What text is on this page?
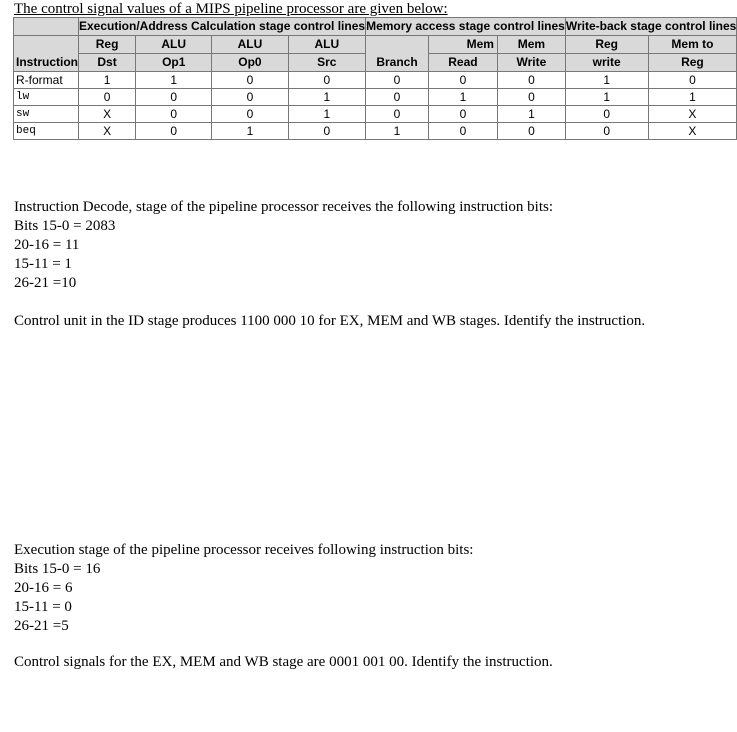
The control signal values of a MIPS pipeline processor are given below:
	Execution/Address Calculation stage control lines				Memory access stage control lines			Write-back stage control lines	

Instruction	Reg	ALU	ALU	ALU	Branch	Mem	Mem	Reg	Mem to
	Dst	Op1	Op0	Src		Read	Write	write	Reg
R-format	1	1	0	0	0	0	0	1	0
lw	0	0	0	1	0	1	0	1	1
sw	X	0	0	1	0	0	1	0	X
beq	X	0	1	0	1	0	0	0	X

Instruction Decode, stage of the pipeline processor receives the following instruction bits:

Bits 15-0 = 2083

20-16 = 11

15-11 = 1

26-21 =10

Control unit in the ID stage produces 1100 000 10 for EX, MEM and WB stages. Identify the instruction.

Execution stage of the pipeline processor receives following instruction bits:

Bits 15-0 = 16

20-16 = 6

15-11 = 0

26-21 =5

Control signals for the EX, MEM and WB stage are 0001 001 00. Identify the instruction.
